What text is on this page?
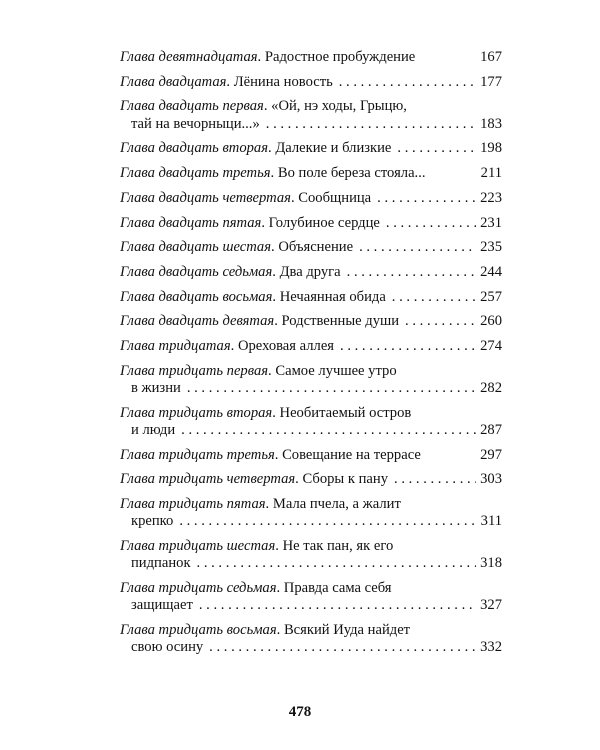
Глава девятнадцатая .
Радостное пробуждение	167
Глава двадцатая .
Лёнина новость . . .	177
Глава двадцать первая .
«Ой, нэ ходы, Грыцю,
тай на вечорныци...» . . .	183
Глава двадцать вторая .
Далекие и близкие . . .	198
Глава двадцать третья .
Во поле береза стояла...	211
Глава двадцать четвертая .
Сообщница . . .	223
Глава двадцать пятая .
Голубиное сердце . . .	231
Глава двадцать шестая .
Объяснение . . .	235
Глава двадцать седьмая .
Два друга . . .	244
Глава двадцать восьмая .
Нечаянная обида . . .	257
Глава двадцать девятая .
Родственные души . . .	260
Глава тридцатая .
Ореховая аллея . . .	274
Глава тридцать первая .
Самое лучшее утро
в жизни . . .	282
Глава тридцать вторая .
Необитаемый остров
и люди . . .	287
Глава тридцать третья .
Совещание на террасе	297
Глава тридцать четвертая .
Сборы к пану . . .	303
Глава тридцать пятая .
Мала пчела, а жалит
крепко . . .	311
Глава тридцать шестая .
Не так пан, як его
пидпанок . . .	318
Глава тридцать седьмая .
Правда сама себя
защищает . . .	327
Глава тридцать восьмая .
Всякий Иуда найдет
свою осину . . .	332
478
